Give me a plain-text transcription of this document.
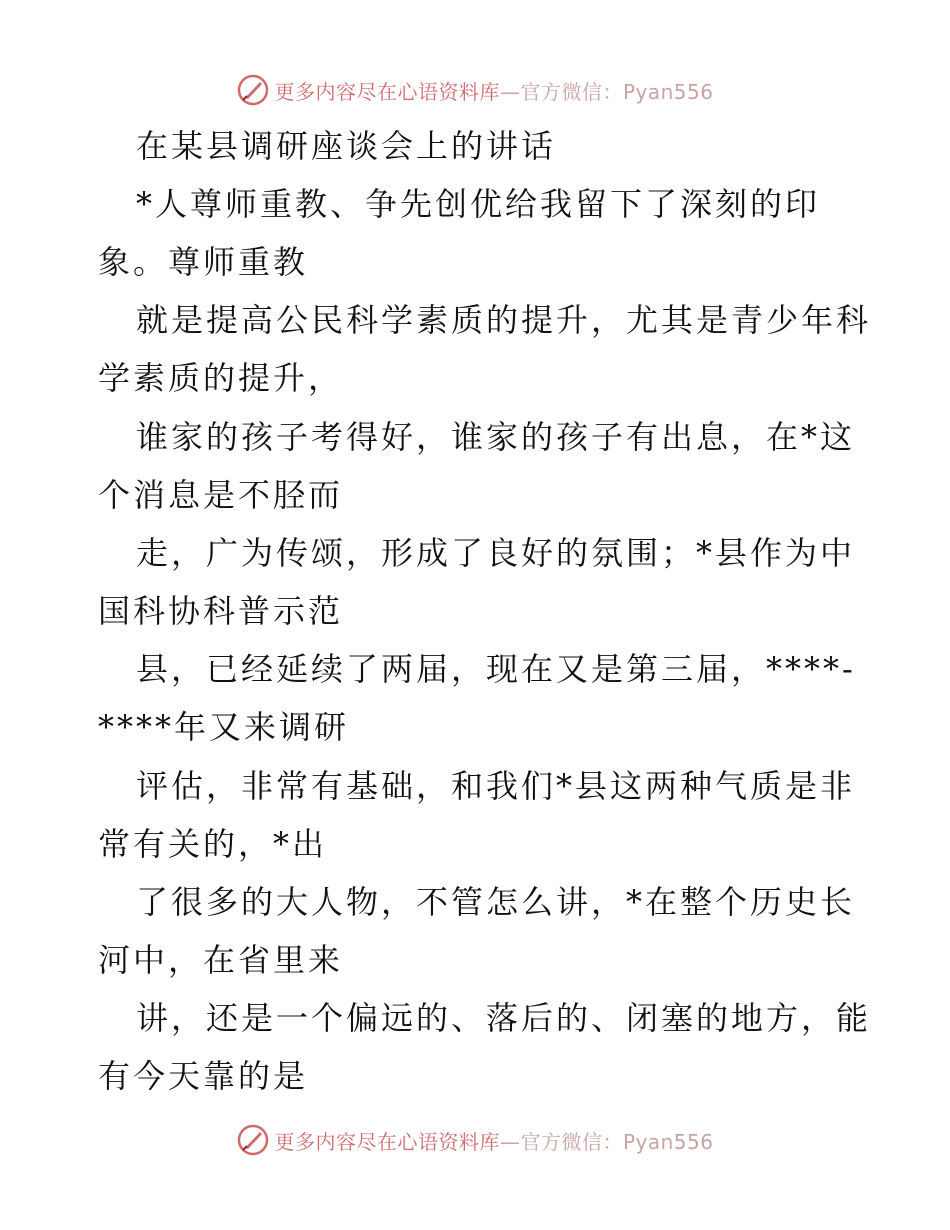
更多内容尽在心语资料库—官方微信：Pyan556
在某县调研座谈会上的讲话
*人尊师重教、争先创优给我留下了深刻的印
象。尊师重教
就是提高公民科学素质的提升，尤其是青少年科
学素质的提升，
谁家的孩子考得好，谁家的孩子有出息，在*这
个消息是不胫而
走，广为传颂，形成了良好的氛围；*县作为中
国科协科普示范
县，已经延续了两届，现在又是第三届，****-
****年又来调研
评估，非常有基础，和我们*县这两种气质是非
常有关的，*出
了很多的大人物，不管怎么讲，*在整个历史长
河中，在省里来
讲，还是一个偏远的、落后的、闭塞的地方，能
有今天靠的是
更多内容尽在心语资料库—官方微信：Pyan556
